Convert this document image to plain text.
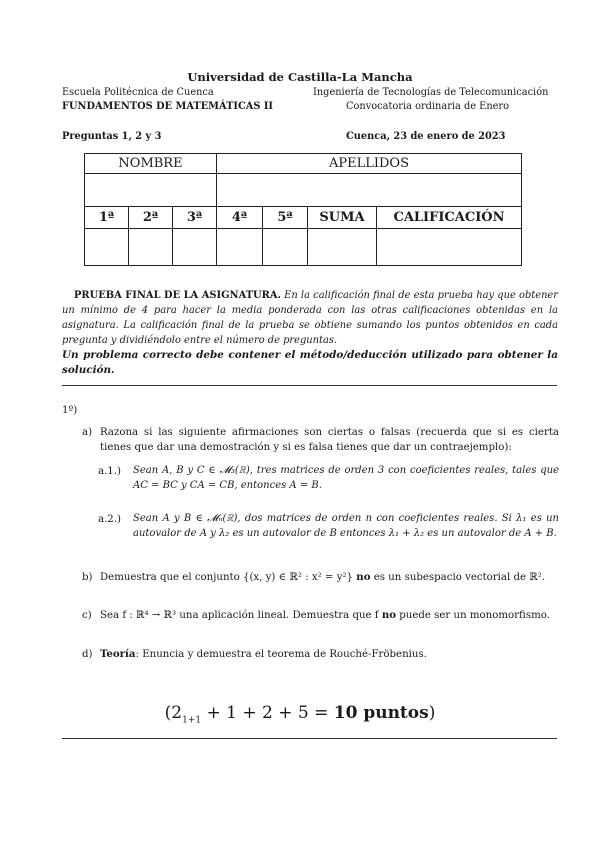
Universidad de Castilla-La Mancha
Escuela Politécnica de Cuenca	Ingeniería de Tecnologías de Telecomunicación
FUNDAMENTOS DE MATEMÁTICAS II	Convocatoria ordinaria de Enero
Preguntas 1, 2 y 3	Cuenca, 23 de enero de 2023
NOMBRE			APELLIDOS			

1ª	2ª	3ª	4ª	5ª	SUMA	CALIFICACIÓN

PRUEBA FINAL DE LA ASIGNATURA. En la calificación final de esta prueba hay que obtener un mínimo de 4 para hacer la media ponderada con las otras calificaciones obtenidas en la asignatura. La calificación final de la prueba se obtiene sumando los puntos obtenidos en cada pregunta y dividiéndolo entre el número de preguntas.
Un problema correcto debe contener el método/deducción utilizado para obtener la solución.
1º)
a) Razona si las siguiente afirmaciones son ciertas o falsas (recuerda que si es cierta tienes que dar una demostración y si es falsa tienes que dar un contraejemplo):
a.1.) Sean A, B y C ∈ 𝓜₃(ℝ), tres matrices de orden 3 con coeficientes reales, tales que AC = BC y CA = CB, entonces A = B.
a.2.) Sean A y B ∈ 𝓜ₙ(ℝ), dos matrices de orden n con coeficientes reales. Si λ₁ es un autovalor de A y λ₂ es un autovalor de B entonces λ₁ + λ₂ es un autovalor de A + B.
b) Demuestra que el conjunto {(x, y) ∈ ℝ² : x² = y²} no es un subespacio vectorial de ℝ².
c) Sea f : ℝ⁴ → ℝ³ una aplicación lineal. Demuestra que f no puede ser un monomorfismo.
d) Teoría: Enuncia y demuestra el teorema de Rouché-Fröbenius.
($2_{1+1} + 1 + 2 + 5 = 10$ puntos)
